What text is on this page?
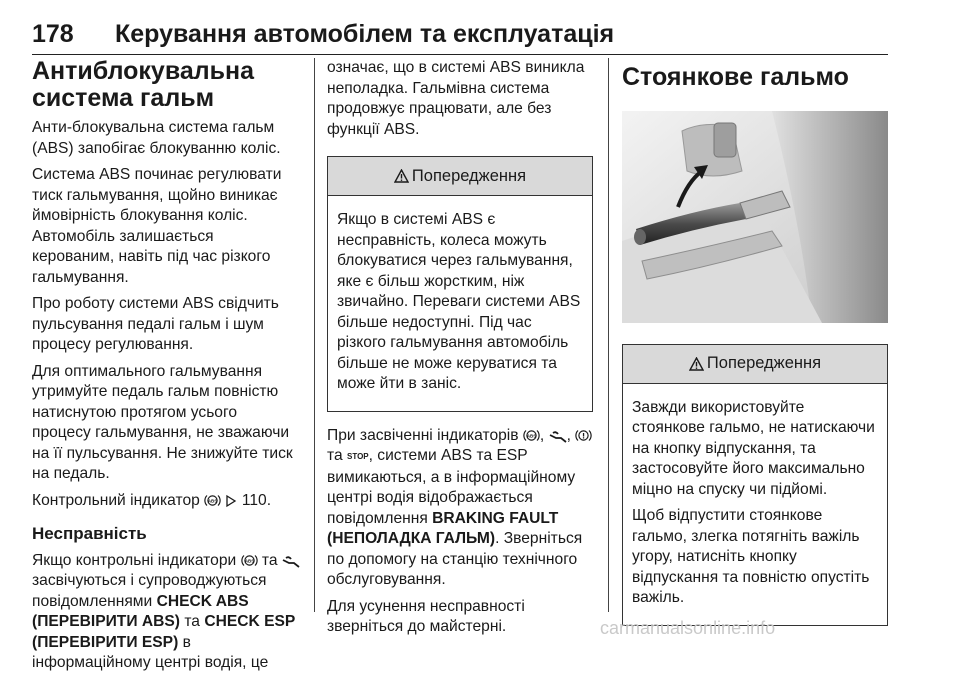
178 Керування автомобілем та експлуатація
Антиблокувальна система гальм

Анти-блокувальна система гальм (ABS) запобігає блокуванню коліс.

Система ABS починає регулювати тиск гальмування, щойно виникає ймовірність блокування коліс. Автомобіль залишається керованим, навіть під час різкого гальмування.

Про роботу системи ABS свідчить пульсування педалі гальм і шум процесу регулювання.

Для оптимального гальмування утримуйте педаль гальм повністю натиснутою протягом усього процесу гальмування, не зважаючи на її пульсування. Не знижуйте тиск на педаль.

Контрольний індикатор ABS 110.

Несправність

Якщо контрольні індикатори ABS та  засвічуються і супроводжуються повідомленнями CHECK ABS (ПЕРЕВІРИТИ ABS) та CHECK ESP (ПЕРЕВІРИТИ ESP) в інформаційному центрі водія, це

означає, що в системі ABS виникла неполадка. Гальмівна система продовжує працювати, але без функції ABS.

Попередження

Якщо в системі ABS є несправність, колеса можуть блокуватися через гальмування, яке є більш жорстким, ніж звичайно. Переваги системи ABS більше недоступні. Під час різкого гальмування автомобіль більше не може керуватися та може йти в заніс.

При засвіченні індикаторів ABS , ,  та STOP, системи ABS та ESP вимикаються, а в інформаційному центрі водія відображається повідомлення BRAKING FAULT (НЕПОЛАДКА ГАЛЬМ). Зверніться по допомогу на станцію технічного обслуговування.

Для усунення несправності зверніться до майстерні.

Стоянкове гальмо
Попередження

Завжди використовуйте стоянкове гальмо, не натискаючи на кнопку відпускання, та застосовуйте його максимально міцно на спуску чи підйомі.

Щоб відпустити стоянкове гальмо, злегка потягніть важіль угору, натисніть кнопку відпускання та повністю опустіть важіль.

carmanualsonline.info
